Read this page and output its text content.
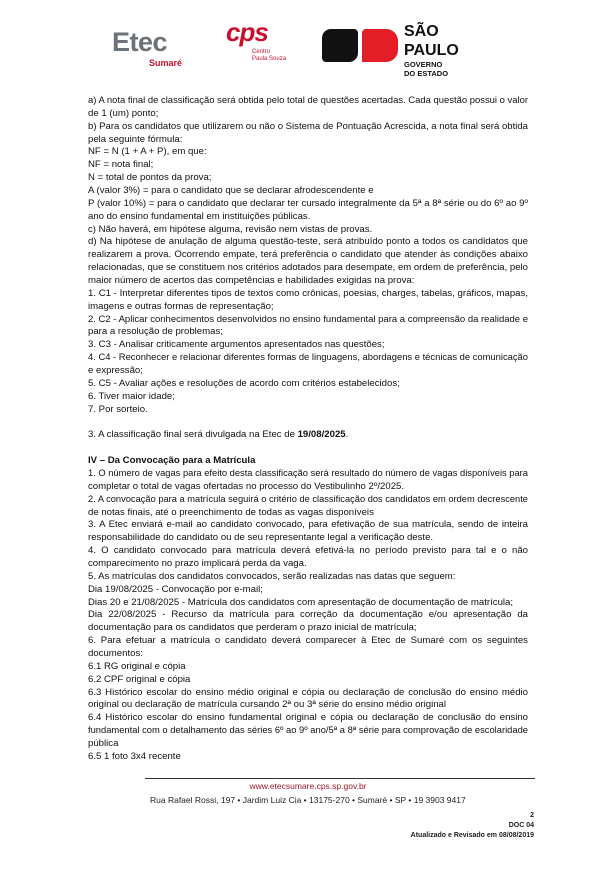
Etec
Sumaré
cps
Centro
Paula Souza
SÃO
PAULO
GOVERNO
DO ESTADO
a) A nota final de classificação será obtida pelo total de questões acertadas. Cada questão possui o valor
de 1 (um) ponto;
b) Para os candidatos que utilizarem ou não o Sistema de Pontuação Acrescida, a nota final será obtida
pela seguinte fórmula:
NF = N (1 + A + P), em que:
NF = nota final;
N = total de pontos da prova;
A (valor 3%) = para o candidato que se declarar afrodescendente e
P (valor 10%) = para o candidato que declarar ter cursado integralmente da 5ª a 8ª série ou do 6º ao 9º
ano do ensino fundamental em instituições públicas.
c) Não haverá, em hipótese alguma, revisão nem vistas de provas.
d) Na hipótese de anulação de alguma questão-teste, será atribuído ponto a todos os candidatos que
realizarem a prova. Ocorrendo empate, terá preferência o candidato que atender às condições abaixo
relacionadas, que se constituem nos critérios adotados para desempate, em ordem de preferência, pelo
maior número de acertos das competências e habilidades exigidas na prova:
1. C1 - Interpretar diferentes tipos de textos como crônicas, poesias, charges, tabelas, gráficos, mapas,
imagens e outras formas de representação;
2. C2 - Aplicar conhecimentos desenvolvidos no ensino fundamental para a compreensão da realidade e
para a resolução de problemas;
3. C3 - Analisar criticamente argumentos apresentados nas questões;
4. C4 - Reconhecer e relacionar diferentes formas de linguagens, abordagens e técnicas de comunicação
e expressão;
5. C5 - Avaliar ações e resoluções de acordo com critérios estabelecidos;
6. Tiver maior idade;
7. Por sorteio.
3. A classificação final será divulgada na Etec de 19/08/2025.
IV – Da Convocação para a Matrícula
1. O número de vagas para efeito desta classificação será resultado do número de vagas disponíveis para
completar o total de vagas ofertadas no processo do Vestibulinho 2º/2025.
2. A convocação para a matrícula seguirá o critério de classificação dos candidatos em ordem decrescente
de notas finais, até o preenchimento de todas as vagas disponíveis
3. A Etec enviará e-mail ao candidato convocado, para efetivação de sua matrícula, sendo de inteira
responsabilidade do candidato ou de seu representante legal a verificação deste.
4. O candidato convocado para matrícula deverá efetivá-la no período previsto para tal e o não
comparecimento no prazo implicará perda da vaga.
5. As matrículas dos candidatos convocados, serão realizadas nas datas que seguem:
Dia 19/08/2025 - Convocação por e-mail;
Dias 20 e 21/08/2025 - Matrícula dos candidatos com apresentação de documentação de matrícula;
Dia 22/08/2025 - Recurso da matrícula para correção da documentação e/ou apresentação da
documentação para os candidatos que perderam o prazo inicial de matrícula;
6. Para efetuar a matrícula o candidato deverá comparecer à Etec de Sumaré com os seguintes
documentos:
6.1 RG original e cópia
6.2 CPF original e cópia
6.3 Histórico escolar do ensino médio original e cópia ou declaração de conclusão do ensino médio
original ou declaração de matrícula cursando 2ª ou 3ª série do ensino médio original
6.4 Histórico escolar do ensino fundamental original e cópia ou declaração de conclusão do ensino
fundamental com o detalhamento das séries 6º ao 9º ano/5ª a 8ª série para comprovação de escolaridade
pública
6.5 1 foto 3x4 recente
www.etecsumare.cps.sp.gov.br
Rua Rafael Rossi, 197 • Jardim Luiz Cia • 13175-270 • Sumaré • SP • 19 3903 9417
2
DOC 04
Atualizado e Revisado em 08/08/2019
